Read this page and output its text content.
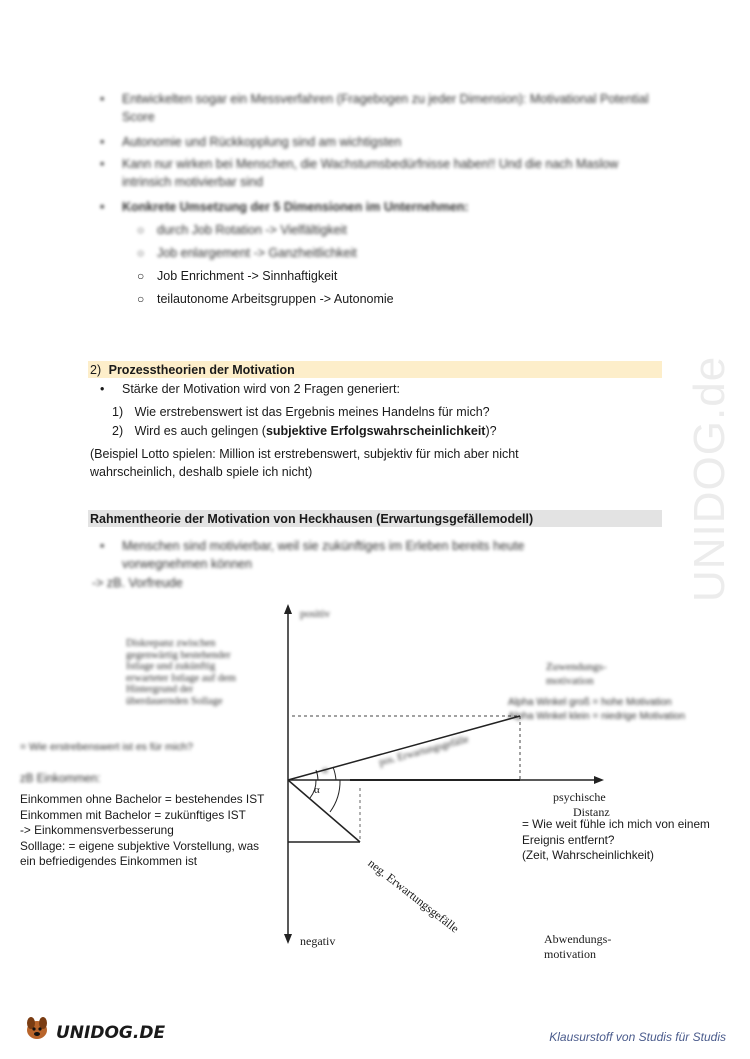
• Entwickelten sogar ein Messverfahren (Fragebogen zu jeder Dimension): Motivational Potential Score
• Autonomie und Rückkopplung sind am wichtigsten
• Kann nur wirken bei Menschen, die Wachstumsbedürfnisse haben!! Und die nach Maslow intrinsich motivierbar sind
• Konkrete Umsetzung der 5 Dimensionen im Unternehmen:
○ durch Job Rotation -> Vielfältigkeit
○ Job enlargement -> Ganzheitlichkeit
○ Job Enrichment -> Sinnhaftigkeit
○ teilautonome Arbeitsgruppen -> Autonomie
UNIDOG.de
2) Prozesstheorien der Motivation
• Stärke der Motivation wird von 2 Fragen generiert:
1) Wie erstrebenswert ist das Ergebnis meines Handelns für mich?
2) Wird es auch gelingen (subjektive Erfolgswahrscheinlichkeit)?
(Beispiel Lotto spielen: Million ist erstrebenswert, subjektiv für mich aber nicht
wahrscheinlich, deshalb spiele ich nicht)
Rahmentheorie der Motivation von Heckhausen (Erwartungsgefällemodell)
• Menschen sind motivierbar, weil sie zukünftiges im Erleben bereits heute
vorwegnehmen können
-> zB. Vorfreude
α
α
positiv
negativ
psychische
Distanz
Diskrepanz zwischen
gegenwärtig bestehender
Istlage und zukünftig
erwarteter Istlage auf dem
Hintergrund der
überdauernden Sollage
Zuwendungs-
motivation
Alpha Winkel groß = hohe Motivation
Alpha Winkel klein = niedrige Motivation
= Wie erstrebenswert ist es für mich?	pos. Erwartungsgefälle
neg. Erwartungsgefälle
zB Einkommen:
Einkommen ohne Bachelor = bestehendes IST
Einkommen mit Bachelor = zukünftiges IST
-> Einkommensverbesserung
Solllage: = eigene subjektive Vorstellung, was
ein befriedigendes Einkommen ist
= Wie weit fühle ich mich von einem
Ereignis entfernt?
(Zeit, Wahrscheinlichkeit)
Abwendungs-
motivation
UNIDOG.DE	Klausurstoff von Studis für Studis
